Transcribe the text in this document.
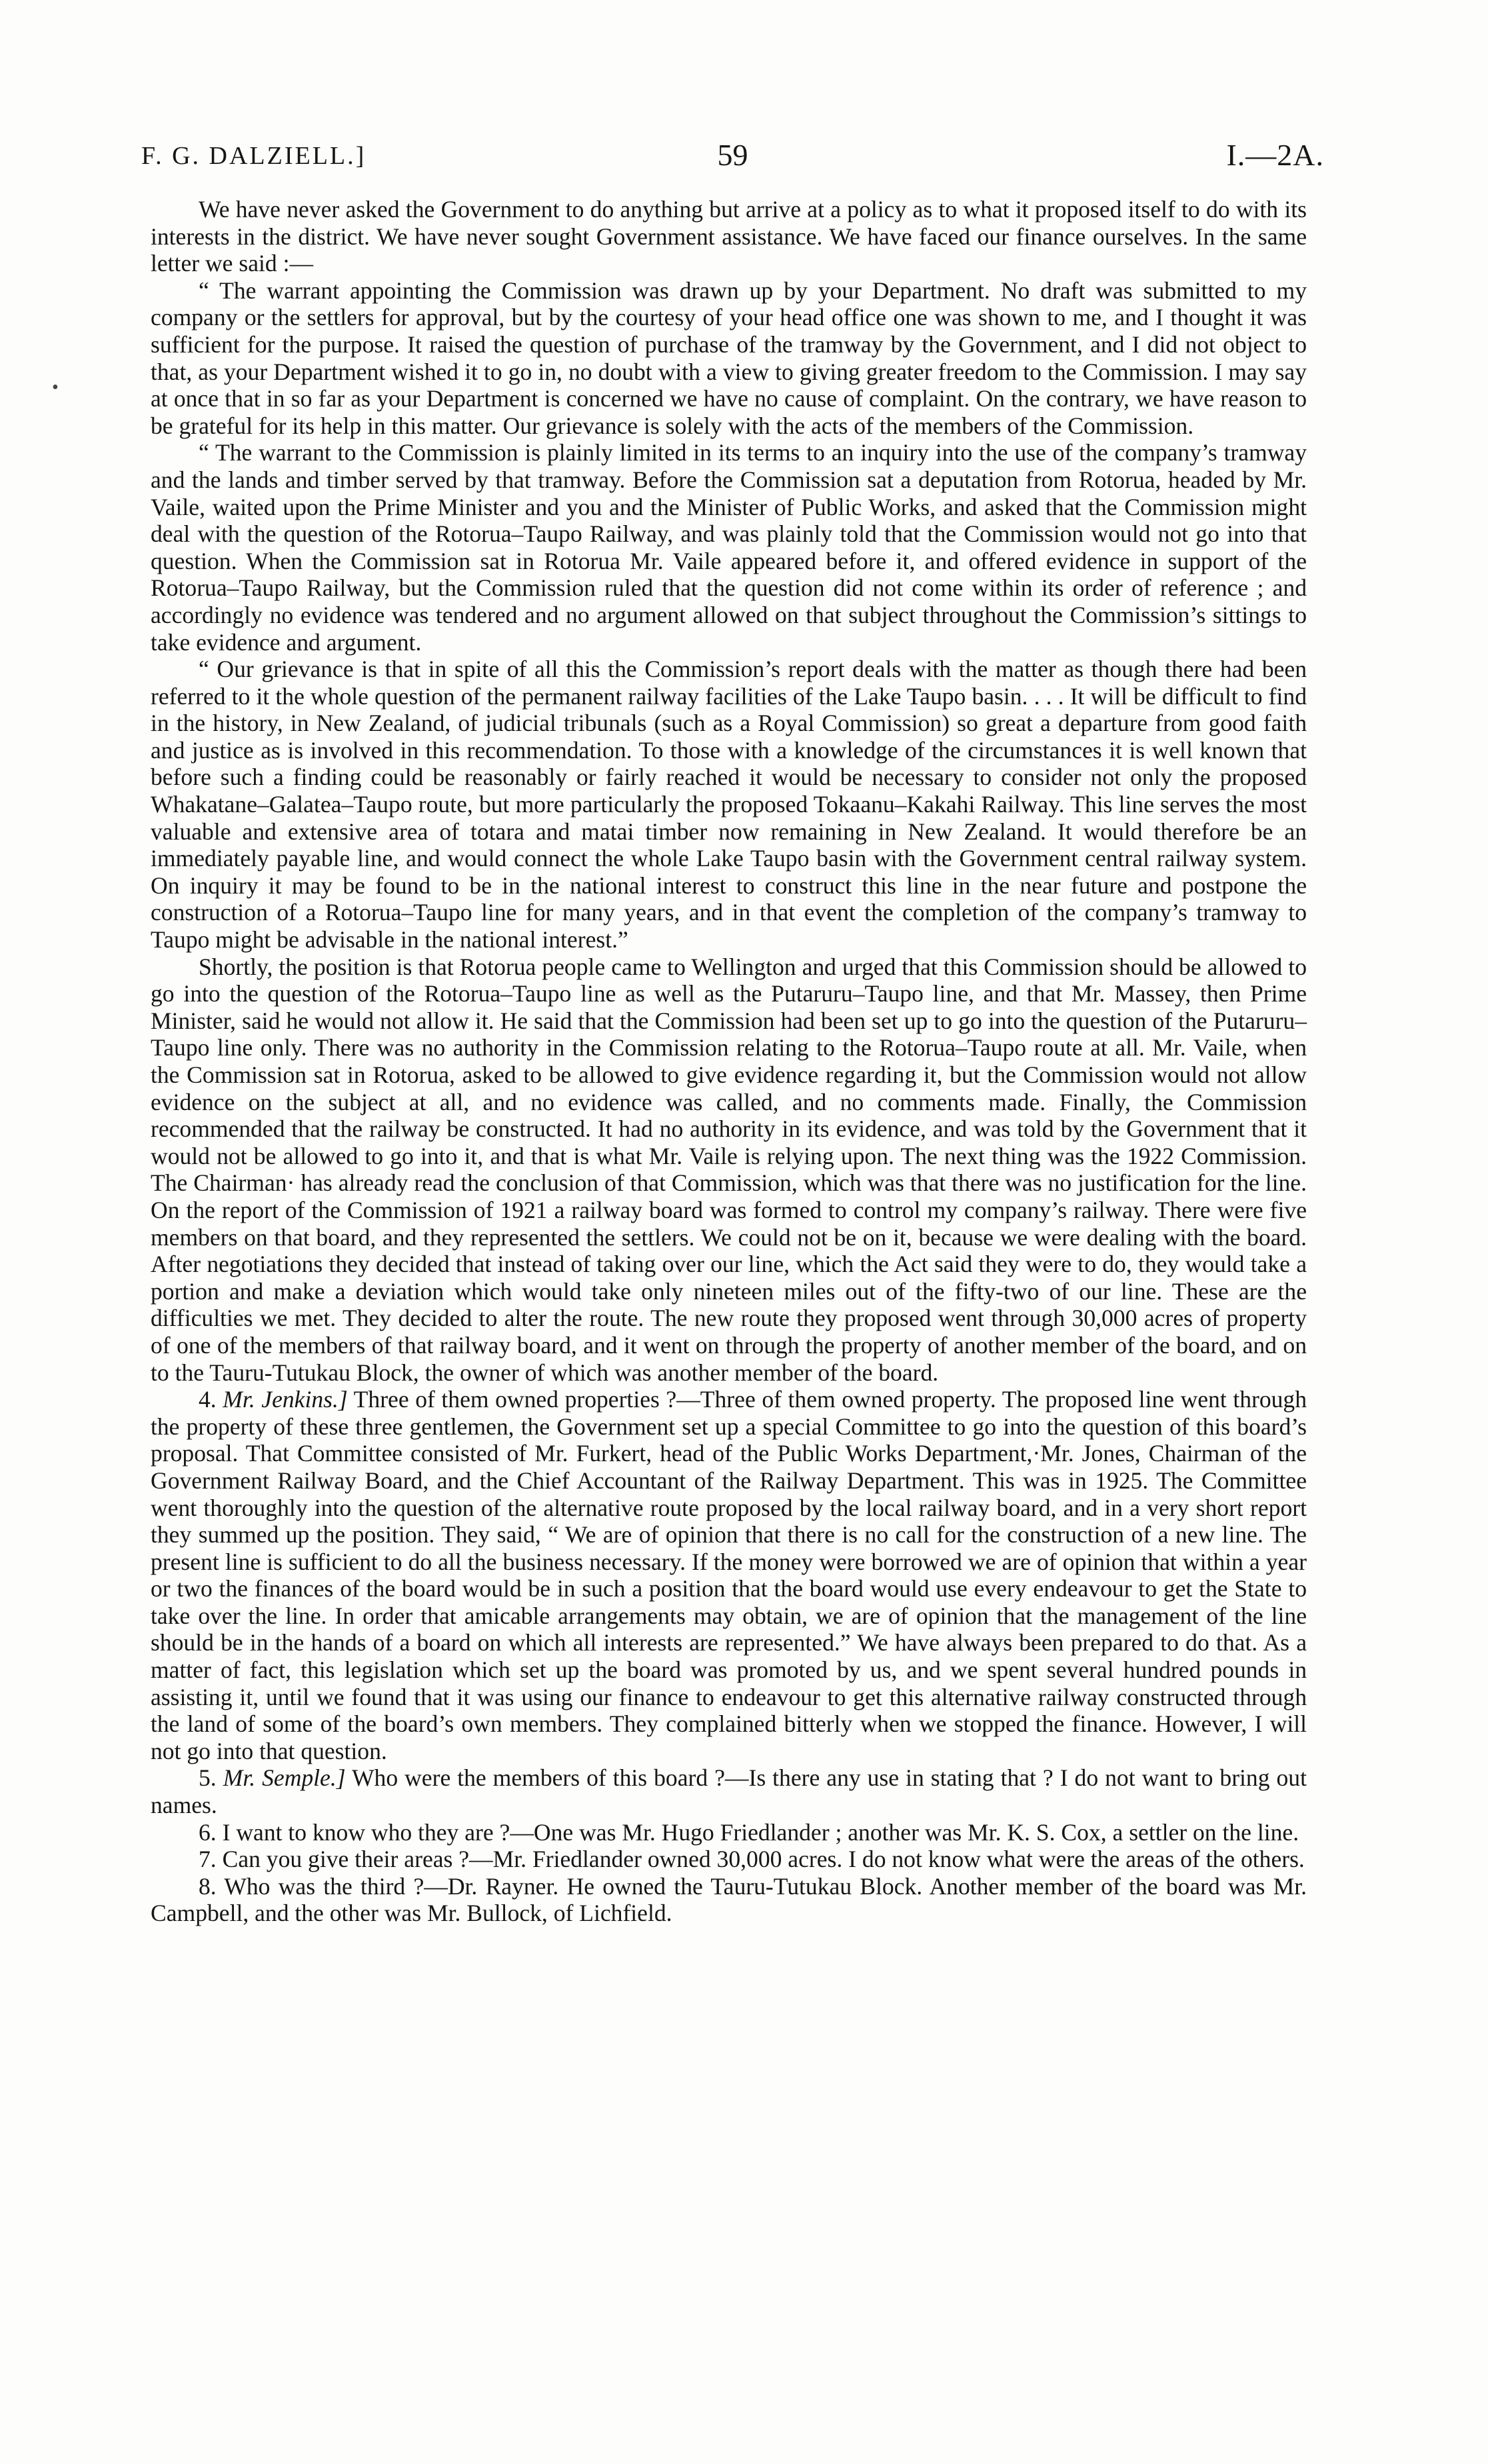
F. G. DALZIELL.]	59	I.—2A.
•

We have never asked the Government to do anything but arrive at a policy as to what it proposed itself to do with its interests in the district. We have never sought Government assistance. We have faced our finance ourselves. In the same letter we said :—

“ The warrant appointing the Commission was drawn up by your Department. No draft was submitted to my company or the settlers for approval, but by the courtesy of your head office one was shown to me, and I thought it was sufficient for the purpose. It raised the question of purchase of the tramway by the Government, and I did not object to that, as your Department wished it to go in, no doubt with a view to giving greater freedom to the Commission. I may say at once that in so far as your Department is concerned we have no cause of complaint. On the contrary, we have reason to be grateful for its help in this matter. Our grievance is solely with the acts of the members of the Commission.

“ The warrant to the Commission is plainly limited in its terms to an inquiry into the use of the company’s tramway and the lands and timber served by that tramway. Before the Commission sat a deputation from Rotorua, headed by Mr. Vaile, waited upon the Prime Minister and you and the Minister of Public Works, and asked that the Commission might deal with the question of the Rotorua–Taupo Railway, and was plainly told that the Commission would not go into that question. When the Commission sat in Rotorua Mr. Vaile appeared before it, and offered evidence in support of the Rotorua–Taupo Railway, but the Commission ruled that the question did not come within its order of reference ; and accordingly no evidence was tendered and no argument allowed on that subject throughout the Commission’s sittings to take evidence and argument.

“ Our grievance is that in spite of all this the Commission’s report deals with the matter as though there had been referred to it the whole question of the permanent railway facilities of the Lake Taupo basin. . . . It will be difficult to find in the history, in New Zealand, of judicial tribunals (such as a Royal Commission) so great a departure from good faith and justice as is involved in this recommendation. To those with a knowledge of the circumstances it is well known that before such a finding could be reasonably or fairly reached it would be necessary to consider not only the proposed Whakatane–Galatea–Taupo route, but more particularly the proposed Tokaanu–Kakahi Railway. This line serves the most valuable and extensive area of totara and matai timber now remaining in New Zealand. It would therefore be an immediately payable line, and would connect the whole Lake Taupo basin with the Government central railway system. On inquiry it may be found to be in the national interest to construct this line in the near future and postpone the construction of a Rotorua–Taupo line for many years, and in that event the completion of the company’s tramway to Taupo might be advisable in the national interest.”

Shortly, the position is that Rotorua people came to Wellington and urged that this Commission should be allowed to go into the question of the Rotorua–Taupo line as well as the Putaruru–Taupo line, and that Mr. Massey, then Prime Minister, said he would not allow it. He said that the Commission had been set up to go into the question of the Putaruru–Taupo line only. There was no authority in the Commission relating to the Rotorua–Taupo route at all. Mr. Vaile, when the Commission sat in Rotorua, asked to be allowed to give evidence regarding it, but the Commission would not allow evidence on the subject at all, and no evidence was called, and no comments made. Finally, the Commission recommended that the railway be constructed. It had no authority in its evidence, and was told by the Government that it would not be allowed to go into it, and that is what Mr. Vaile is relying upon. The next thing was the 1922 Commission. The Chairman· has already read the conclusion of that Commission, which was that there was no justification for the line. On the report of the Commission of 1921 a railway board was formed to control my company’s railway. There were five members on that board, and they represented the settlers. We could not be on it, because we were dealing with the board. After negotiations they decided that instead of taking over our line, which the Act said they were to do, they would take a portion and make a deviation which would take only nineteen miles out of the fifty-two of our line. These are the difficulties we met. They decided to alter the route. The new route they proposed went through 30,000 acres of property of one of the members of that railway board, and it went on through the property of another member of the board, and on to the Tauru-Tutukau Block, the owner of which was another member of the board.

4. Mr. Jenkins.] Three of them owned properties ?—Three of them owned property. The proposed line went through the property of these three gentlemen, the Government set up a special Committee to go into the question of this board’s proposal. That Committee consisted of Mr. Furkert, head of the Public Works Department,·Mr. Jones, Chairman of the Government Railway Board, and the Chief Accountant of the Railway Department. This was in 1925. The Committee went thoroughly into the question of the alternative route proposed by the local railway board, and in a very short report they summed up the position. They said, “ We are of opinion that there is no call for the construction of a new line. The present line is sufficient to do all the business necessary. If the money were borrowed we are of opinion that within a year or two the finances of the board would be in such a position that the board would use every endeavour to get the State to take over the line. In order that amicable arrangements may obtain, we are of opinion that the management of the line should be in the hands of a board on which all interests are represented.” We have always been prepared to do that. As a matter of fact, this legislation which set up the board was promoted by us, and we spent several hundred pounds in assisting it, until we found that it was using our finance to endeavour to get this alternative railway constructed through the land of some of the board’s own members. They complained bitterly when we stopped the finance. However, I will not go into that question.

5. Mr. Semple.] Who were the members of this board ?—Is there any use in stating that ? I do not want to bring out names.

6. I want to know who they are ?—One was Mr. Hugo Friedlander ; another was Mr. K. S. Cox, a settler on the line.

7. Can you give their areas ?—Mr. Friedlander owned 30,000 acres. I do not know what were the areas of the others.

8. Who was the third ?—Dr. Rayner. He owned the Tauru-Tutukau Block. Another member of the board was Mr. Campbell, and the other was Mr. Bullock, of Lichfield.
